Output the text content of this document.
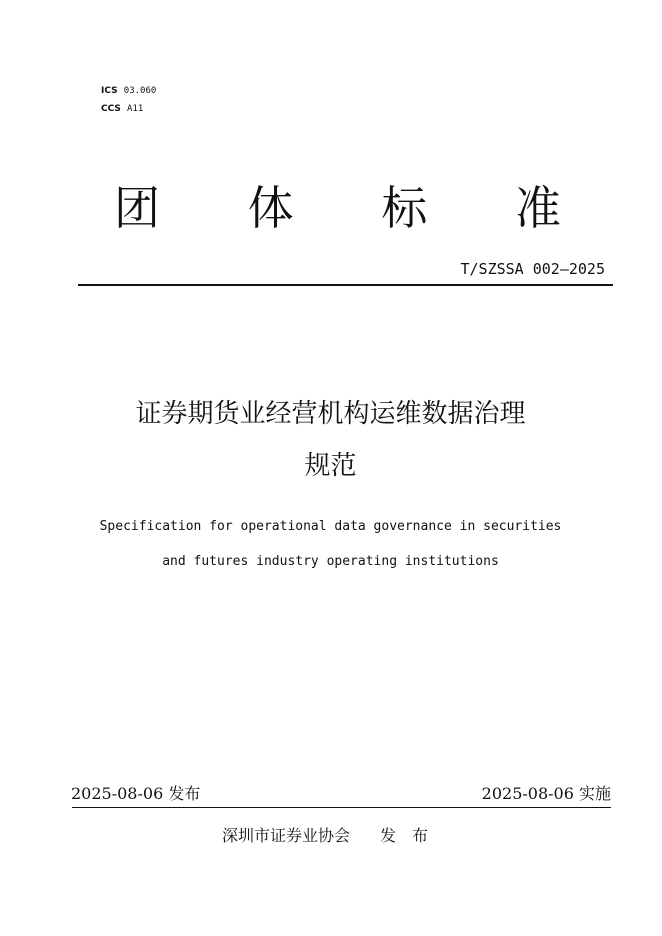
ICS 03.060
CCS A11
团 体 标 准
T/SZSSA 002—2025
证券期货业经营机构运维数据治理
规范
Specification for operational data governance in securities
and futures industry operating institutions
2025-08-06 发布	2025-08-06 实施
深圳市证券业协会 发　布
